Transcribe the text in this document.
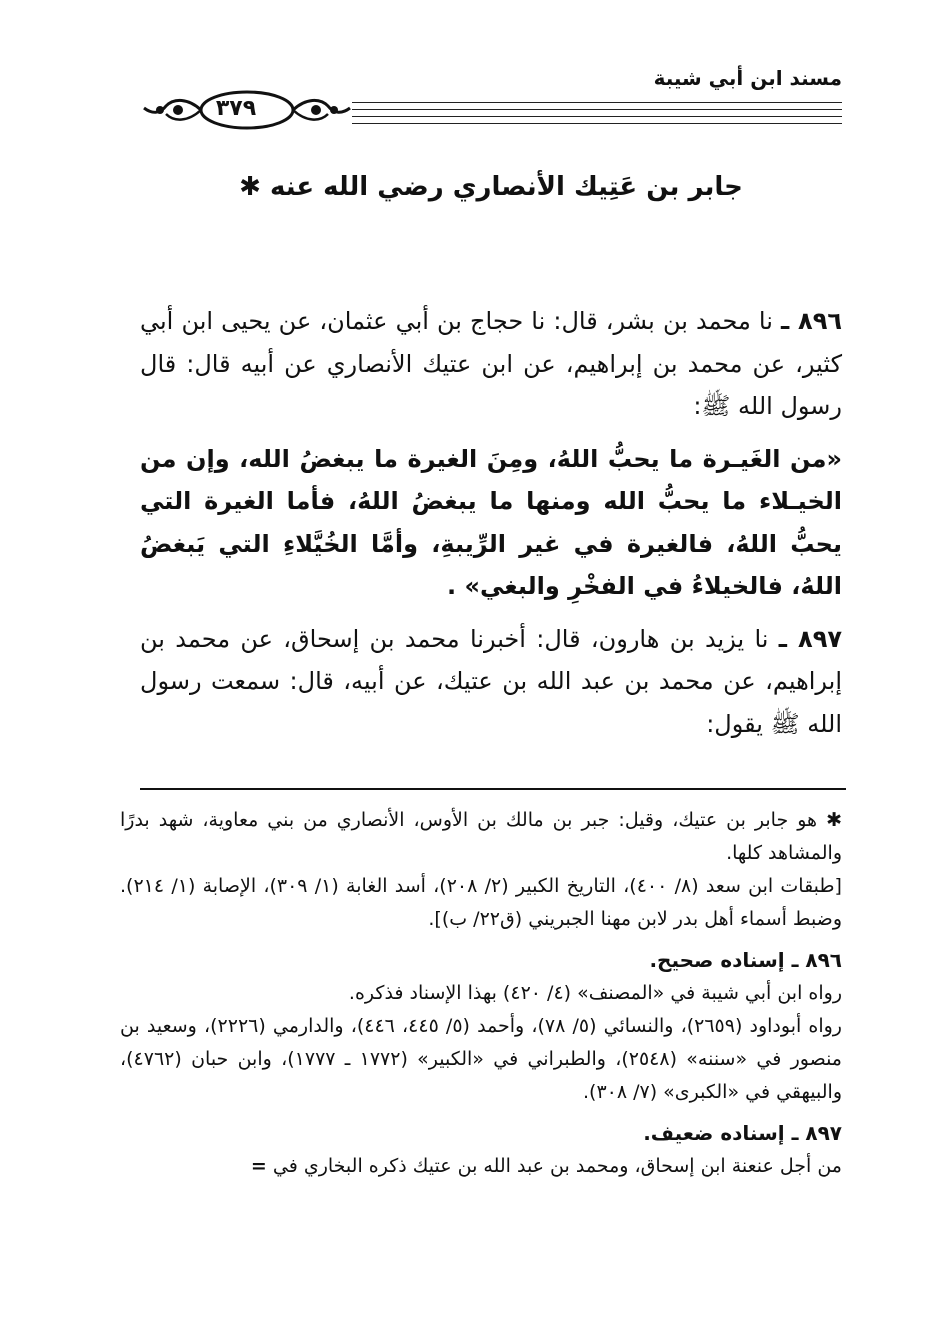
مسند ابن أبي شيبة
٣٧٩
جابر بن عَتِيك الأنصاري رضي الله عنه ✱

٨٩٦ ـ نا محمد بن بشر، قال: نا حجاج بن أبي عثمان، عن يحيى ابن أبي كثير، عن محمد بن إبراهيم، عن ابن عتيك الأنصاري عن أبيه قال: قال رسول الله ﷺ:

«من الغَيـرة ما يحبُّ اللهُ، ومِنَ الغيرة ما يبغضُ الله، وإن من الخيـلاء ما يحبُّ الله ومنها ما يبغضُ اللهُ، فأما الغيرة التي يحبُّ اللهُ، فالغيرة في غير الرِّيبةِ، وأمَّا الخُيَّلاءِ التي يَبغضُ اللهُ، فالخيلاءُ في الفخْرِ والبغي» .

٨٩٧ ـ نا يزيد بن هارون، قال: أخبرنا محمد بن إسحاق، عن محمد بن إبراهيم، عن محمد بن عبد الله بن عتيك، عن أبيه، قال: سمعت رسول الله ﷺ يقول:

✱ هو جابر بن عتيك، وقيل: جبر بن مالك بن الأوس، الأنصاري من بني معاوية، شهد بدرًا والمشاهد كلها.

[طبقات ابن سعد (٨/ ٤٠٠)، التاريخ الكبير (٢/ ٢٠٨)، أسد الغابة (١/ ٣٠٩)، الإصابة (١/ ٢١٤). وضبط أسماء أهل بدر لابن مهنا الجبريني (ق٢٢/ ب)].

٨٩٦ ـ إسناده صحيح.

رواه ابن أبي شيبة في «المصنف» (٤/ ٤٢٠) بهذا الإسناد فذكره.

رواه أبوداود (٢٦٥٩)، والنسائي (٥/ ٧٨)، وأحمد (٥/ ٤٤٥، ٤٤٦)، والدارمي (٢٢٢٦)، وسعيد بن منصور في «سننه» (٢٥٤٨)، والطبراني في «الكبير» (١٧٧٢ ـ ١٧٧٧)، وابن حبان (٤٧٦٢)، والبيهقي في «الكبرى» (٧/ ٣٠٨).

٨٩٧ ـ إسناده ضعيف.

من أجل عنعنة ابن إسحاق، ومحمد بن عبد الله بن عتيك ذكره البخاري في =
